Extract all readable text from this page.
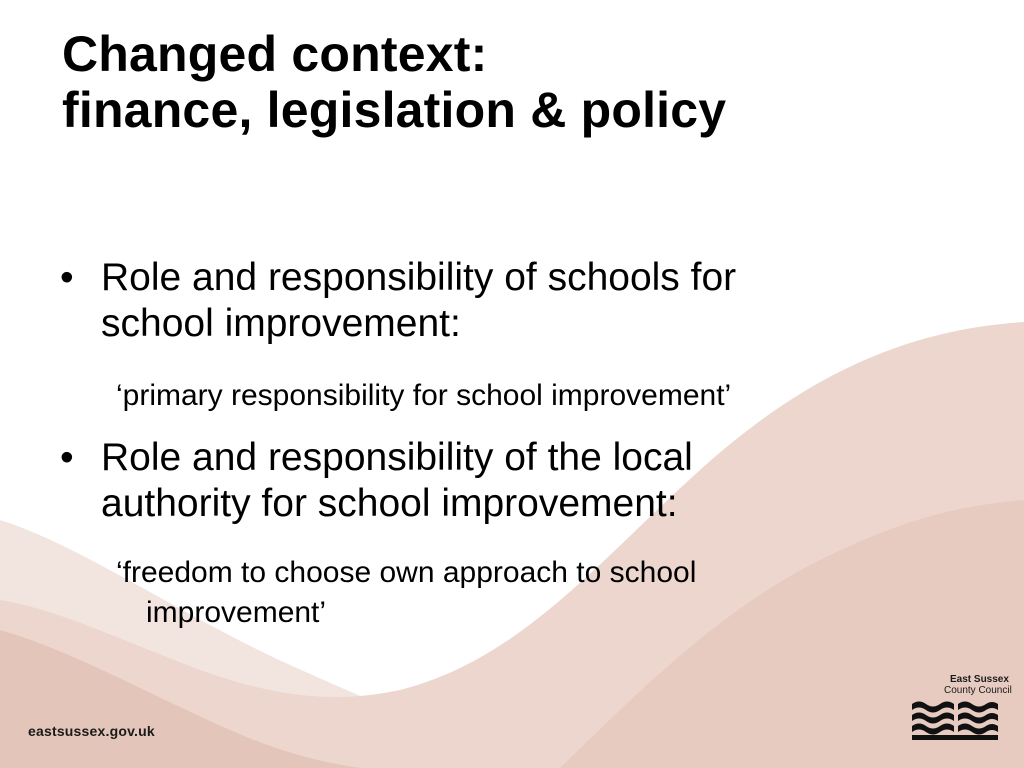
Changed context:
finance, legislation & policy
• Role and responsibility of schools for
school improvement:

‘primary responsibility for school improvement’

• Role and responsibility of the local
authority for school improvement:

‘freedom to choose own approach to school
improvement’

eastsussex.gov.uk
East Sussex
County Council
